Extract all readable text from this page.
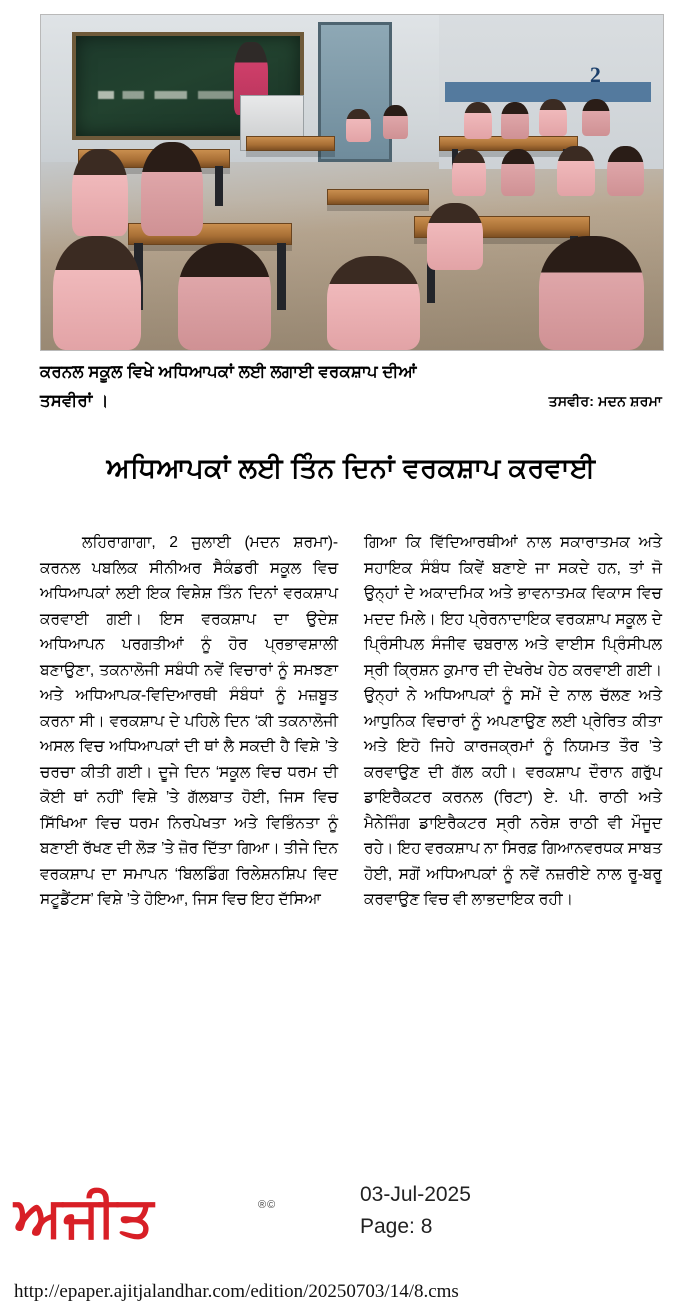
2
ਕਰਨਲ ਸਕੂਲ ਵਿਖੇ ਅਧਿਆਪਕਾਂ ਲਈ ਲਗਾਈ ਵਰਕਸ਼ਾਪ ਦੀਆਂ
ਤਸਵੀਰ: ਮਦਨ ਸ਼ਰਮਾ
ਤਸਵੀਰਾਂ ।
ਅਧਿਆਪਕਾਂ ਲਈ ਤਿੰਨ ਦਿਨਾਂ ਵਰਕਸ਼ਾਪ ਕਰਵਾਈ

ਲਹਿਰਾਗਾਗਾ, 2 ਜੁਲਾਈ (ਮਦਨ ਸ਼ਰਮਾ)-ਕਰਨਲ ਪਬਲਿਕ ਸੀਨੀਅਰ ਸੈਕੰਡਰੀ ਸਕੂਲ ਵਿਚ ਅਧਿਆਪਕਾਂ ਲਈ ਇਕ ਵਿਸ਼ੇਸ਼ ਤਿੰਨ ਦਿਨਾਂ ਵਰਕਸ਼ਾਪ ਕਰਵਾਈ ਗਈ। ਇਸ ਵਰਕਸ਼ਾਪ ਦਾ ਉਦੇਸ਼ ਅਧਿਆਪਨ ਪਰਗਤੀਆਂ ਨੂੰ ਹੋਰ ਪ੍ਰਭਾਵਸ਼ਾਲੀ ਬਣਾਉਣਾ, ਤਕਨਾਲੋਜੀ ਸਬੰਧੀ ਨਵੇਂ ਵਿਚਾਰਾਂ ਨੂੰ ਸਮਝਣਾ ਅਤੇ ਅਧਿਆਪਕ-ਵਿਦਿਆਰਥੀ ਸੰਬੰਧਾਂ ਨੂੰ ਮਜ਼ਬੂਤ ਕਰਨਾ ਸੀ। ਵਰਕਸ਼ਾਪ ਦੇ ਪਹਿਲੇ ਦਿਨ ‘ਕੀ ਤਕਨਾਲੋਜੀ ਅਸਲ ਵਿਚ ਅਧਿਆਪਕਾਂ ਦੀ ਥਾਂ ਲੈ ਸਕਦੀ ਹੈ ਵਿਸ਼ੇ ’ਤੇ ਚਰਚਾ ਕੀਤੀ ਗਈ। ਦੂਜੇ ਦਿਨ ‘ਸਕੂਲ ਵਿਚ ਧਰਮ ਦੀ ਕੋਈ ਥਾਂ ਨਹੀਂ’ ਵਿਸ਼ੇ ’ਤੇ ਗੱਲਬਾਤ ਹੋਈ, ਜਿਸ ਵਿਚ ਸਿੱਖਿਆ ਵਿਚ ਧਰਮ ਨਿਰਪੇਖਤਾ ਅਤੇ ਵਿਭਿੰਨਤਾ ਨੂੰ ਬਣਾਈ ਰੱਖਣ ਦੀ ਲੋੜ ’ਤੇ ਜ਼ੋਰ ਦਿੱਤਾ ਗਿਆ। ਤੀਜੇ ਦਿਨ ਵਰਕਸ਼ਾਪ ਦਾ ਸਮਾਪਨ ‘ਬਿਲਡਿੰਗ ਰਿਲੇਸ਼ਨਸ਼ਿਪ ਵਿਦ ਸਟੂਡੈਂਟਸ’ ਵਿਸ਼ੇ ’ਤੇ ਹੋਇਆ, ਜਿਸ ਵਿਚ ਇਹ ਦੱਸਿਆ

ਗਿਆ ਕਿ ਵਿੱਦਿਆਰਥੀਆਂ ਨਾਲ ਸਕਾਰਾਤਮਕ ਅਤੇ ਸਹਾਇਕ ਸੰਬੰਧ ਕਿਵੇਂ ਬਣਾਏ ਜਾ ਸਕਦੇ ਹਨ, ਤਾਂ ਜੋ ਉਨ੍ਹਾਂ ਦੇ ਅਕਾਦਮਿਕ ਅਤੇ ਭਾਵਨਾਤਮਕ ਵਿਕਾਸ ਵਿਚ ਮਦਦ ਮਿਲੇ। ਇਹ ਪ੍ਰੇਰਨਾਦਾਇਕ ਵਰਕਸ਼ਾਪ ਸਕੂਲ ਦੇ ਪ੍ਰਿੰਸੀਪਲ ਸੰਜੀਵ ਢਬਰਾਲ ਅਤੇ ਵਾਈਸ ਪ੍ਰਿੰਸੀਪਲ ਸ੍ਰੀ ਕ੍ਰਿਸ਼ਨ ਕੁਮਾਰ ਦੀ ਦੇਖਰੇਖ ਹੇਠ ਕਰਵਾਈ ਗਈ। ਉਨ੍ਹਾਂ ਨੇ ਅਧਿਆਪਕਾਂ ਨੂੰ ਸਮੇਂ ਦੇ ਨਾਲ ਚੱਲਣ ਅਤੇ ਆਧੁਨਿਕ ਵਿਚਾਰਾਂ ਨੂੰ ਅਪਣਾਉਣ ਲਈ ਪ੍ਰੇਰਿਤ ਕੀਤਾ ਅਤੇ ਇਹੋ ਜਿਹੇ ਕਾਰਜਕ੍ਰਮਾਂ ਨੂੰ ਨਿਯਮਤ ਤੌਰ ’ਤੇ ਕਰਵਾਉਣ ਦੀ ਗੱਲ ਕਹੀ। ਵਰਕਸ਼ਾਪ ਦੌਰਾਨ ਗਰੁੱਪ ਡਾਇਰੈਕਟਰ ਕਰਨਲ (ਰਿਟਾ) ਏ. ਪੀ. ਰਾਠੀ ਅਤੇ ਮੈਨੇਜਿੰਗ ਡਾਇਰੈਕਟਰ ਸ੍ਰੀ ਨਰੇਸ਼ ਰਾਠੀ ਵੀ ਮੌਜੂਦ ਰਹੇ। ਇਹ ਵਰਕਸ਼ਾਪ ਨਾ ਸਿਰਫ਼ ਗਿਆਨਵਰਧਕ ਸਾਬਤ ਹੋਈ, ਸਗੋਂ ਅਧਿਆਪਕਾਂ ਨੂੰ ਨਵੇਂ ਨਜ਼ਰੀਏ ਨਾਲ ਰੂ-ਬਰੂ ਕਰਵਾਉਣ ਵਿਚ ਵੀ ਲਾਭਦਾਇਕ ਰਹੀ।

ਅਜੀਤ	®©	03-Jul-2025
Page: 8
http://epaper.ajitjalandhar.com/edition/20250703/14/8.cms
